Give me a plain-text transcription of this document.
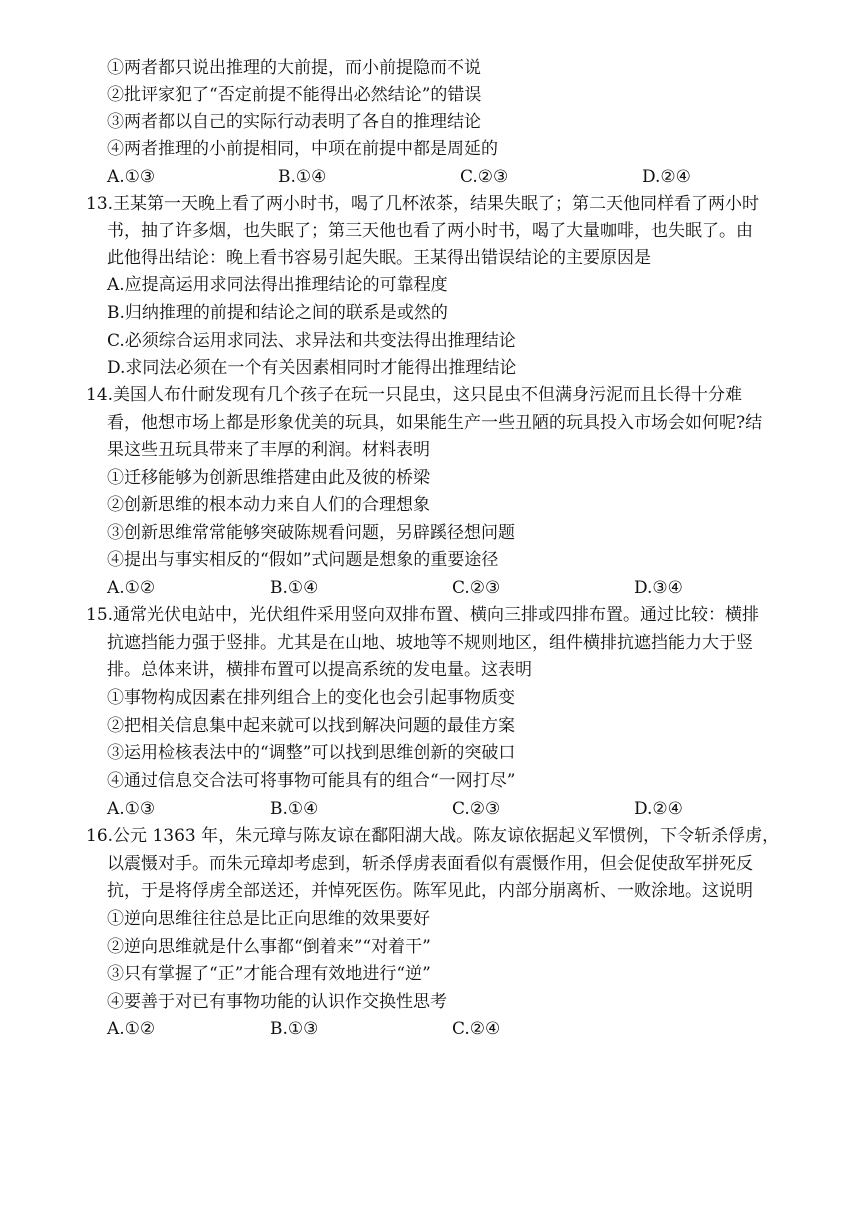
①两者都只说出推理的大前提，而小前提隐而不说
②批评家犯了“否定前提不能得出必然结论”的错误
③两者都以自己的实际行动表明了各自的推理结论
④两者推理的小前提相同，中项在前提中都是周延的
A.①③	B.①④	C.②③	D.②④
13.王某第一天晚上看了两小时书，喝了几杯浓茶，结果失眠了；第二天他同样看了两小时
书，抽了许多烟，也失眠了；第三天他也看了两小时书，喝了大量咖啡，也失眠了。由
此他得出结论：晚上看书容易引起失眠。王某得出错误结论的主要原因是
A.应提高运用求同法得出推理结论的可靠程度
B.归纳推理的前提和结论之间的联系是或然的
C.必须综合运用求同法、求异法和共变法得出推理结论
D.求同法必须在一个有关因素相同时才能得出推理结论
14.美国人布什耐发现有几个孩子在玩一只昆虫，这只昆虫不但满身污泥而且长得十分难
看，他想市场上都是形象优美的玩具，如果能生产一些丑陋的玩具投入市场会如何呢?结
果这些丑玩具带来了丰厚的利润。材料表明
①迁移能够为创新思维搭建由此及彼的桥梁
②创新思维的根本动力来自人们的合理想象
③创新思维常常能够突破陈规看问题，另辟蹊径想问题
④提出与事实相反的“假如”式问题是想象的重要途径
A.①②	B.①④	C.②③	D.③④
15.通常光伏电站中，光伏组件采用竖向双排布置、横向三排或四排布置。通过比较：横排
抗遮挡能力强于竖排。尤其是在山地、坡地等不规则地区，组件横排抗遮挡能力大于竖
排。总体来讲，横排布置可以提高系统的发电量。这表明
①事物构成因素在排列组合上的变化也会引起事物质变
②把相关信息集中起来就可以找到解决问题的最佳方案
③运用检核表法中的“调整”可以找到思维创新的突破口
④通过信息交合法可将事物可能具有的组合“一网打尽”
A.①③	B.①④	C.②③	D.②④
16.公元 1363 年，朱元璋与陈友谅在鄱阳湖大战。陈友谅依据起义军惯例，下令斩杀俘虏，
以震慑对手。而朱元璋却考虑到，斩杀俘虏表面看似有震慑作用，但会促使敌军拼死反
抗，于是将俘虏全部送还，并悼死医伤。陈军见此，内部分崩离析、一败涂地。这说明
①逆向思维往往总是比正向思维的效果要好
②逆向思维就是什么事都“倒着来”“对着干”
③只有掌握了“正”才能合理有效地进行“逆”
④要善于对已有事物功能的认识作交换性思考
A.①②	B.①③	C.②④
